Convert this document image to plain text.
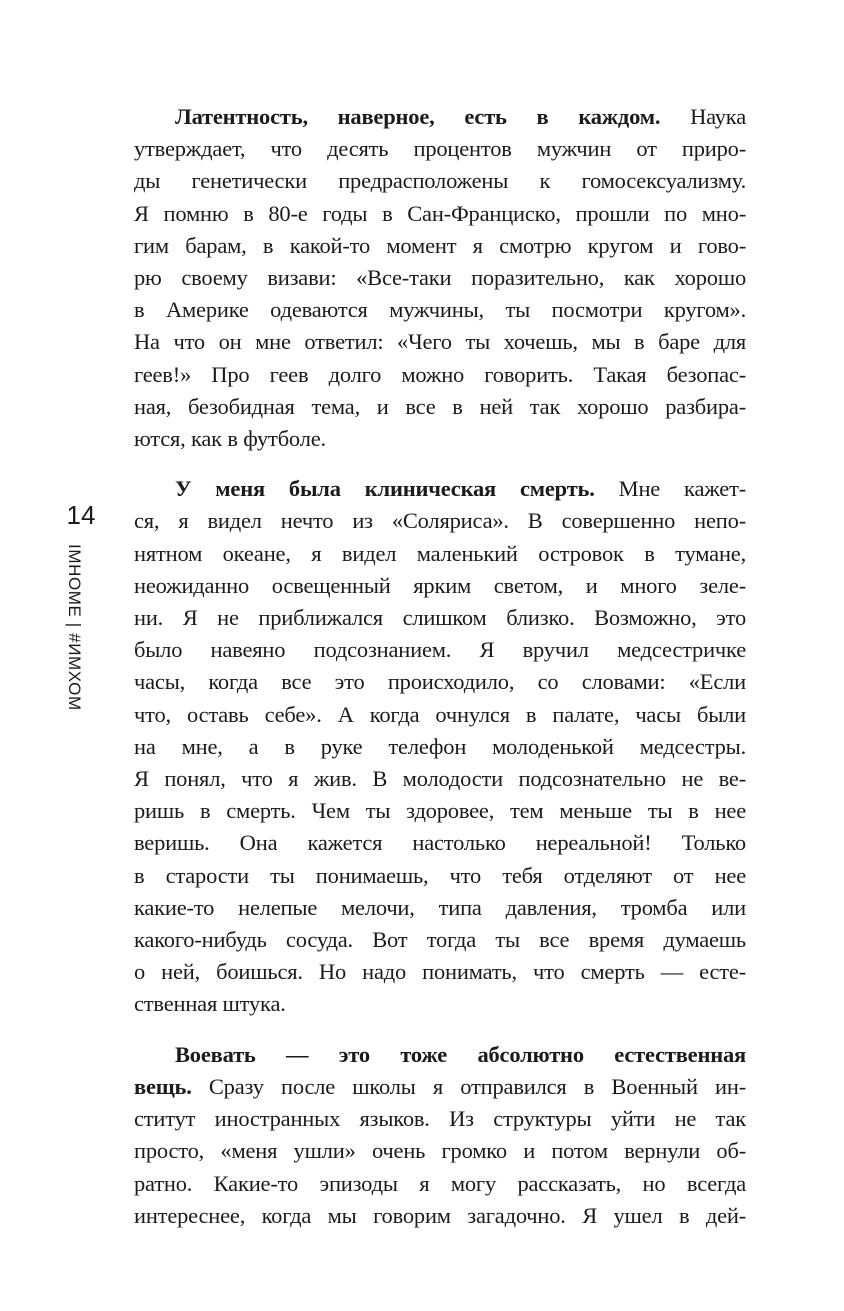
14
IMHOME | #ИМХОМ
Латентность, наверное, есть в каждом. Наука
утверждает, что десять процентов мужчин от приро-
ды генетически предрасположены к гомосексуализму.
Я помню в 80-е годы в Сан-Франциско, прошли по мно-
гим барам, в какой-то момент я смотрю кругом и гово-
рю своему визави: «Все-таки поразительно, как хорошо
в Америке одеваются мужчины, ты посмотри кругом».
На что он мне ответил: «Чего ты хочешь, мы в баре для
геев!» Про геев долго можно говорить. Такая безопас-
ная, безобидная тема, и все в ней так хорошо разбира-
ются, как в футболе.
У меня была клиническая смерть. Мне кажет-
ся, я видел нечто из «Соляриса». В совершенно непо-
нятном океане, я видел маленький островок в тумане,
неожиданно освещенный ярким светом, и много зеле-
ни. Я не приближался слишком близко. Возможно, это
было навеяно подсознанием. Я вручил медсестричке
часы, когда все это происходило, со словами: «Если
что, оставь себе». А когда очнулся в палате, часы были
на мне, а в руке телефон молоденькой медсестры.
Я понял, что я жив. В молодости подсознательно не ве-
ришь в смерть. Чем ты здоровее, тем меньше ты в нее
веришь. Она кажется настолько нереальной! Только
в старости ты понимаешь, что тебя отделяют от нее
какие-то нелепые мелочи, типа давления, тромба или
какого-нибудь сосуда. Вот тогда ты все время думаешь
о ней, боишься. Но надо понимать, что смерть — есте-
ственная штука.
Воевать — это тоже абсолютно естественная
вещь. Сразу после школы я отправился в Военный ин-
ститут иностранных языков. Из структуры уйти не так
просто, «меня ушли» очень громко и потом вернули об-
ратно. Какие-то эпизоды я могу рассказать, но всегда
интереснее, когда мы говорим загадочно. Я ушел в дей-
